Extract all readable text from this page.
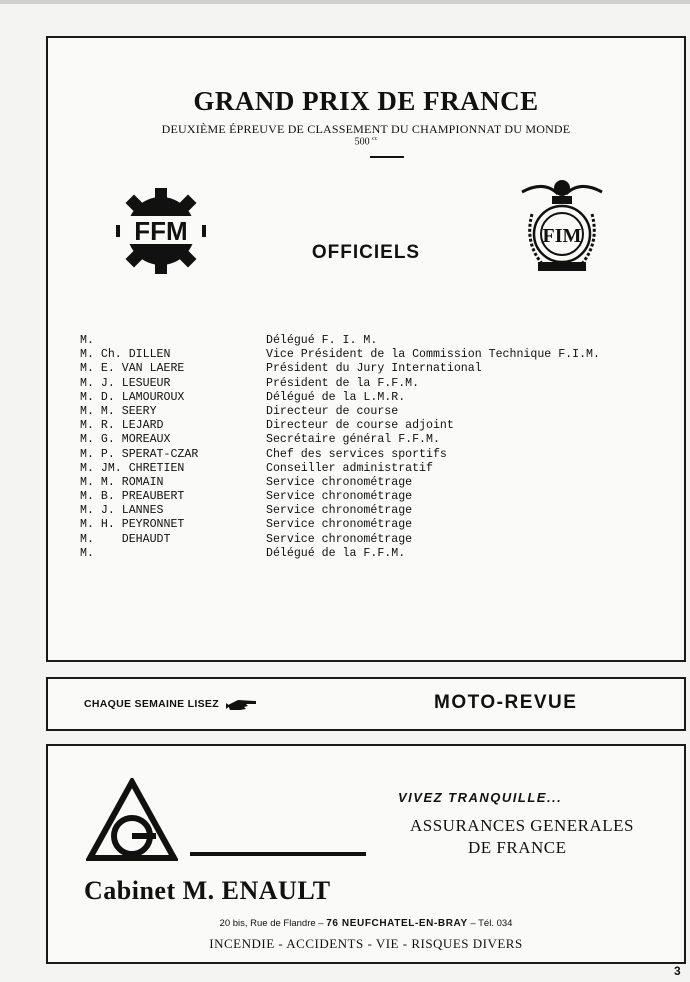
GRAND PRIX DE FRANCE
DEUXIÈME ÉPREUVE DE CLASSEMENT DU CHAMPIONNAT DU MONDE
500 $^{cc}$
FFM	FIM
OFFICIELS
M.	Délégué F. I. M.
M. Ch. DILLEN	Vice Président de la Commission Technique F.I.M.
M. E. VAN LAERE	Président du Jury International
M. J. LESUEUR	Président de la F.F.M.
M. D. LAMOUROUX	Délégué de la L.M.R.
M. M. SEERY	Directeur de course
M. R. LEJARD	Directeur de course adjoint
M. G. MOREAUX	Secrétaire général F.F.M.
M. P. SPERAT-CZAR	Chef des services sportifs
M. JM. CHRETIEN	Conseiller administratif
M. M. ROMAIN	Service chronométrage
M. B. PREAUBERT	Service chronométrage
M. J. LANNES	Service chronométrage
M. H. PEYRONNET	Service chronométrage
M.    DEHAUDT	Service chronométrage
M.	Délégué de la F.F.M.
CHAQUE SEMAINE LISEZ	MOTO-REVUE
VIVEZ TRANQUILLE...
ASSURANCES GENERALES
DE FRANCE
Cabinet M. ENAULT
20 bis, Rue de Flandre – 76 NEUFCHATEL-EN-BRAY – Tél. 034
INCENDIE - ACCIDENTS - VIE - RISQUES DIVERS
3
